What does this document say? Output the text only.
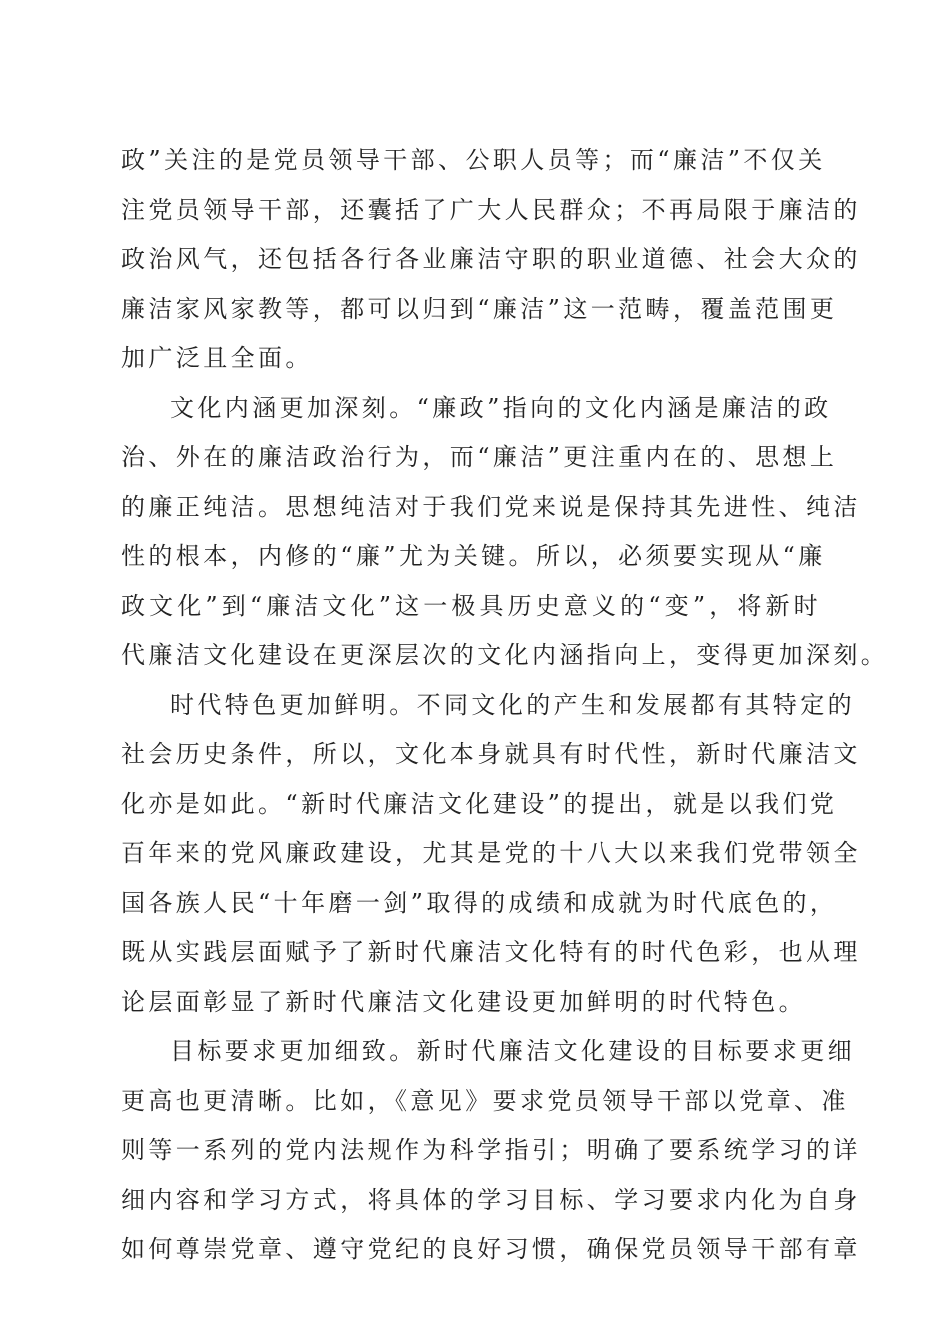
政”关注的是党员领导干部、公职人员等；而“廉洁”不仅关
注党员领导干部，还囊括了广大人民群众；不再局限于廉洁的
政治风气，还包括各行各业廉洁守职的职业道德、社会大众的
廉洁家风家教等，都可以归到“廉洁”这一范畴，覆盖范围更
加广泛且全面。
文化内涵更加深刻。“廉政”指向的文化内涵是廉洁的政
治、外在的廉洁政治行为，而“廉洁”更注重内在的、思想上
的廉正纯洁。思想纯洁对于我们党来说是保持其先进性、纯洁
性的根本，内修的“廉”尤为关键。所以，必须要实现从“廉
政文化”到“廉洁文化”这一极具历史意义的“变”，将新时
代廉洁文化建设在更深层次的文化内涵指向上，变得更加深刻。
时代特色更加鲜明。不同文化的产生和发展都有其特定的
社会历史条件，所以，文化本身就具有时代性，新时代廉洁文
化亦是如此。“新时代廉洁文化建设”的提出，就是以我们党
百年来的党风廉政建设，尤其是党的十八大以来我们党带领全
国各族人民“十年磨一剑”取得的成绩和成就为时代底色的，
既从实践层面赋予了新时代廉洁文化特有的时代色彩，也从理
论层面彰显了新时代廉洁文化建设更加鲜明的时代特色。
目标要求更加细致。新时代廉洁文化建设的目标要求更细
更高也更清晰。比如，《意见》要求党员领导干部以党章、准
则等一系列的党内法规作为科学指引；明确了要系统学习的详
细内容和学习方式，将具体的学习目标、学习要求内化为自身
如何尊崇党章、遵守党纪的良好习惯，确保党员领导干部有章
